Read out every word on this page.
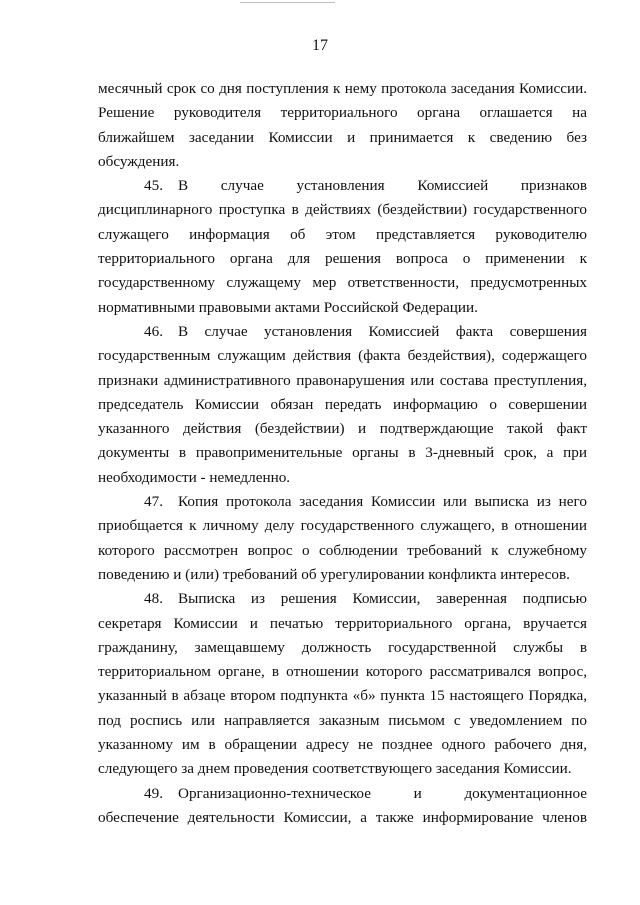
17

месячный срок со дня поступления к нему протокола заседания Комиссии. Решение руководителя территориального органа оглашается на ближайшем заседании Комиссии и принимается к сведению без обсуждения.

45. В случае установления Комиссией признаков дисциплинарного проступка в действиях (бездействии) государственного служащего информация об этом представляется руководителю территориального органа для решения вопроса о применении к государственному служащему мер ответственности, предусмотренных нормативными правовыми актами Российской Федерации.

46. В случае установления Комиссией факта совершения государственным служащим действия (факта бездействия), содержащего признаки административного правонарушения или состава преступления, председатель Комиссии обязан передать информацию о совершении указанного действия (бездействии) и подтверждающие такой факт документы в правоприменительные органы в 3-дневный срок, а при необходимости - немедленно.

47. Копия протокола заседания Комиссии или выписка из него приобщается к личному делу государственного служащего, в отношении которого рассмотрен вопрос о соблюдении требований к служебному поведению и (или) требований об урегулировании конфликта интересов.

48. Выписка из решения Комиссии, заверенная подписью секретаря Комиссии и печатью территориального органа, вручается гражданину, замещавшему должность государственной службы в территориальном органе, в отношении которого рассматривался вопрос, указанный в абзаце втором подпункта «б» пункта 15 настоящего Порядка, под роспись или направляется заказным письмом с уведомлением по указанному им в обращении адресу не позднее одного рабочего дня, следующего за днем проведения соответствующего заседания Комиссии.

49. Организационно-техническое и документационное обеспечение деятельности Комиссии, а также информирование членов
